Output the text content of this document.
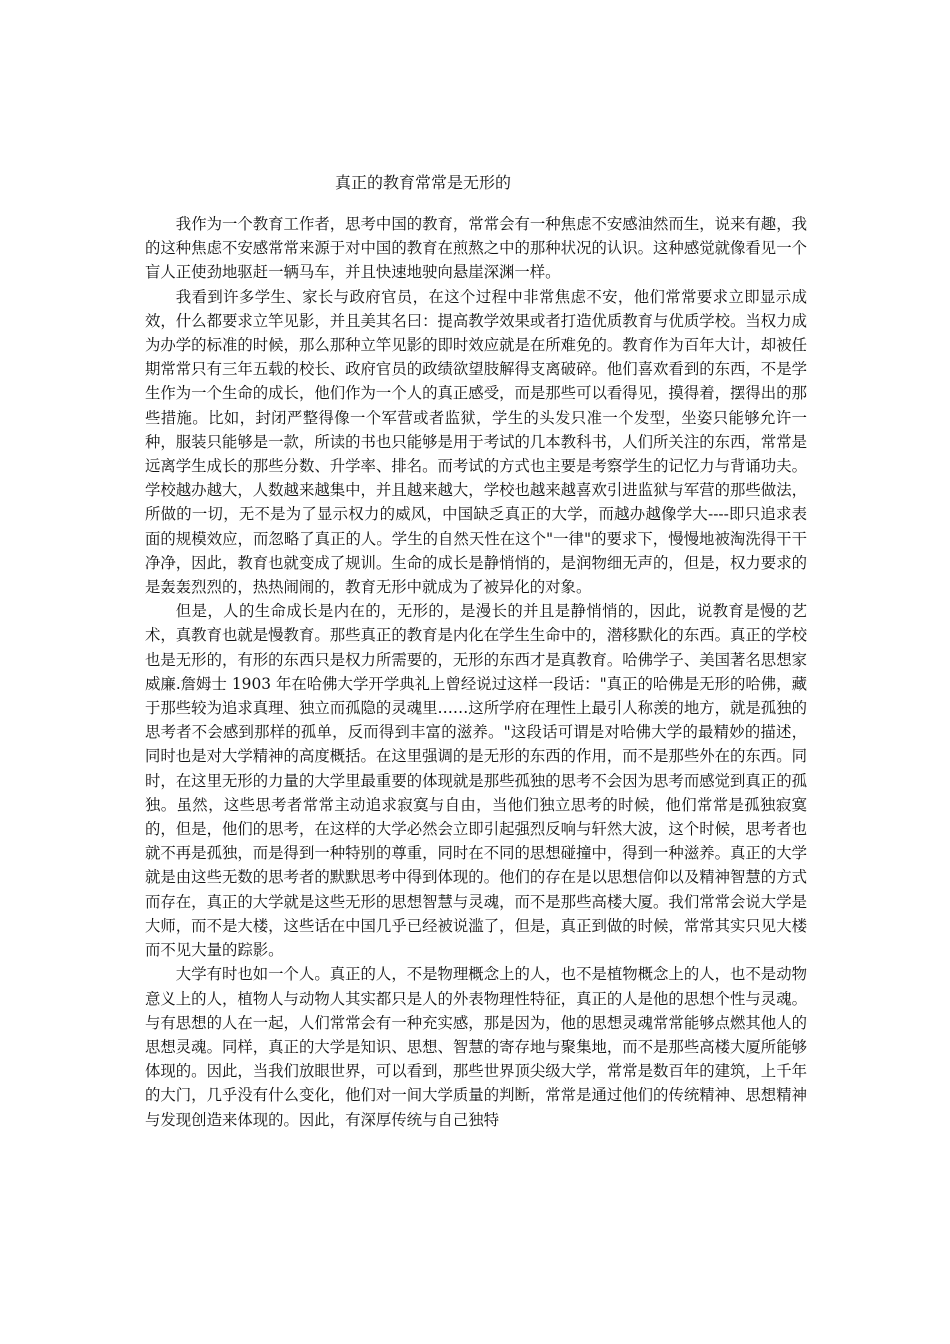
真正的教育常常是无形的

我作为一个教育工作者，思考中国的教育，常常会有一种焦虑不安感油然而生，说来有趣，我的这种焦虑不安感常常来源于对中国的教育在煎熬之中的那种状况的认识。这种感觉就像看见一个盲人正使劲地驱赶一辆马车，并且快速地驶向悬崖深渊一样。

我看到许多学生、家长与政府官员，在这个过程中非常焦虑不安，他们常常要求立即显示成效，什么都要求立竿见影，并且美其名曰：提高教学效果或者打造优质教育与优质学校。当权力成为办学的标准的时候，那么那种立竿见影的即时效应就是在所难免的。教育作为百年大计，却被任期常常只有三年五载的校长、政府官员的政绩欲望肢解得支离破碎。他们喜欢看到的东西，不是学生作为一个生命的成长，他们作为一个人的真正感受，而是那些可以看得见，摸得着，摆得出的那些措施。比如，封闭严整得像一个军营或者监狱，学生的头发只准一个发型，坐姿只能够允许一种，服装只能够是一款，所读的书也只能够是用于考试的几本教科书，人们所关注的东西，常常是远离学生成长的那些分数、升学率、排名。而考试的方式也主要是考察学生的记忆力与背诵功夫。学校越办越大，人数越来越集中，并且越来越大，学校也越来越喜欢引进监狱与军营的那些做法，所做的一切，无不是为了显示权力的威风，中国缺乏真正的大学，而越办越像学大----即只追求表面的规模效应，而忽略了真正的人。学生的自然天性在这个"一律"的要求下，慢慢地被淘洗得干干净净，因此，教育也就变成了规训。生命的成长是静悄悄的，是润物细无声的，但是，权力要求的是轰轰烈烈的，热热闹闹的，教育无形中就成为了被异化的对象。

但是，人的生命成长是内在的，无形的，是漫长的并且是静悄悄的，因此，说教育是慢的艺术，真教育也就是慢教育。那些真正的教育是内化在学生生命中的，潜移默化的东西。真正的学校也是无形的，有形的东西只是权力所需要的，无形的东西才是真教育。哈佛学子、美国著名思想家威廉.詹姆士 1903 年在哈佛大学开学典礼上曾经说过这样一段话："真正的哈佛是无形的哈佛，藏于那些较为追求真理、独立而孤隐的灵魂里……这所学府在理性上最引人称羡的地方，就是孤独的思考者不会感到那样的孤单，反而得到丰富的滋养。"这段话可谓是对哈佛大学的最精妙的描述，同时也是对大学精神的高度概括。在这里强调的是无形的东西的作用，而不是那些外在的东西。同时，在这里无形的力量的大学里最重要的体现就是那些孤独的思考不会因为思考而感觉到真正的孤独。虽然，这些思考者常常主动追求寂寞与自由，当他们独立思考的时候，他们常常是孤独寂寞的，但是，他们的思考，在这样的大学必然会立即引起强烈反响与轩然大波，这个时候，思考者也就不再是孤独，而是得到一种特别的尊重，同时在不同的思想碰撞中，得到一种滋养。真正的大学就是由这些无数的思考者的默默思考中得到体现的。他们的存在是以思想信仰以及精神智慧的方式而存在，真正的大学就是这些无形的思想智慧与灵魂，而不是那些高楼大厦。我们常常会说大学是大师，而不是大楼，这些话在中国几乎已经被说滥了，但是，真正到做的时候，常常其实只见大楼而不见大量的踪影。

大学有时也如一个人。真正的人，不是物理概念上的人，也不是植物概念上的人，也不是动物意义上的人，植物人与动物人其实都只是人的外表物理性特征，真正的人是他的思想个性与灵魂。与有思想的人在一起，人们常常会有一种充实感，那是因为，他的思想灵魂常常能够点燃其他人的思想灵魂。同样，真正的大学是知识、思想、智慧的寄存地与聚集地，而不是那些高楼大厦所能够体现的。因此，当我们放眼世界，可以看到，那些世界顶尖级大学，常常是数百年的建筑，上千年的大门，几乎没有什么变化，他们对一间大学质量的判断，常常是通过他们的传统精神、思想精神与发现创造来体现的。因此，有深厚传统与自己独特
